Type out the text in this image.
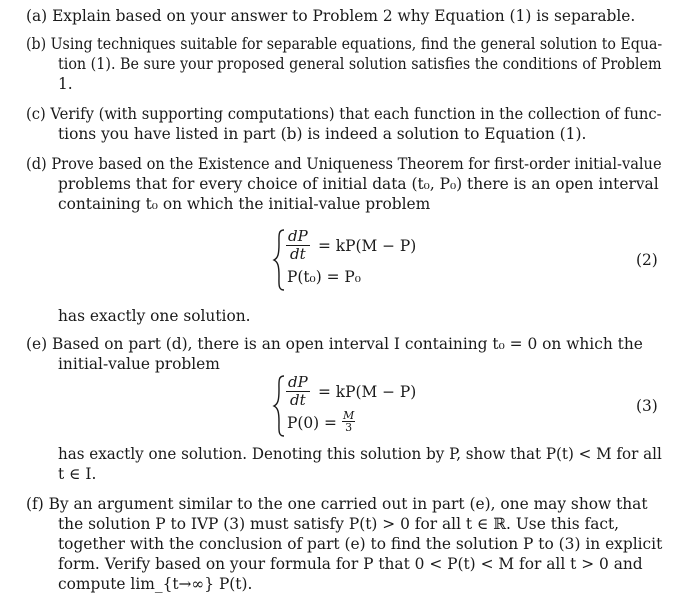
(a) Explain based on your answer to Problem 2 why Equation (1) is separable.
(b) Using techniques suitable for separable equations, find the general solution to Equa-
tion (1). Be sure your proposed general solution satisfies the conditions of Problem
1.
(c) Verify (with supporting computations) that each function in the collection of func-
tions you have listed in part (b) is indeed a solution to Equation (1).
(d) Prove based on the Existence and Uniqueness Theorem for first-order initial-value
problems that for every choice of initial data (t₀, P₀) there is an open interval
containing t₀ on which the initial-value problem
$\frac{dP}{dt} = kP(M - P)$
P(t₀) = P₀
(2)
has exactly one solution.
(e) Based on part (d), there is an open interval I containing t₀ = 0 on which the
initial-value problem
$\frac{dP}{dt} = kP(M - P)$
$P(0) = \frac{M}{3}$
(3)
has exactly one solution. Denoting this solution by P, show that P(t) < M for all
t ∈ I.
(f) By an argument similar to the one carried out in part (e), one may show that
the solution P to IVP (3) must satisfy P(t) > 0 for all t ∈ ℝ. Use this fact,
together with the conclusion of part (e) to find the solution P to (3) in explicit
form. Verify based on your formula for P that 0 < P(t) < M for all t > 0 and
compute lim_{t→∞} P(t).
